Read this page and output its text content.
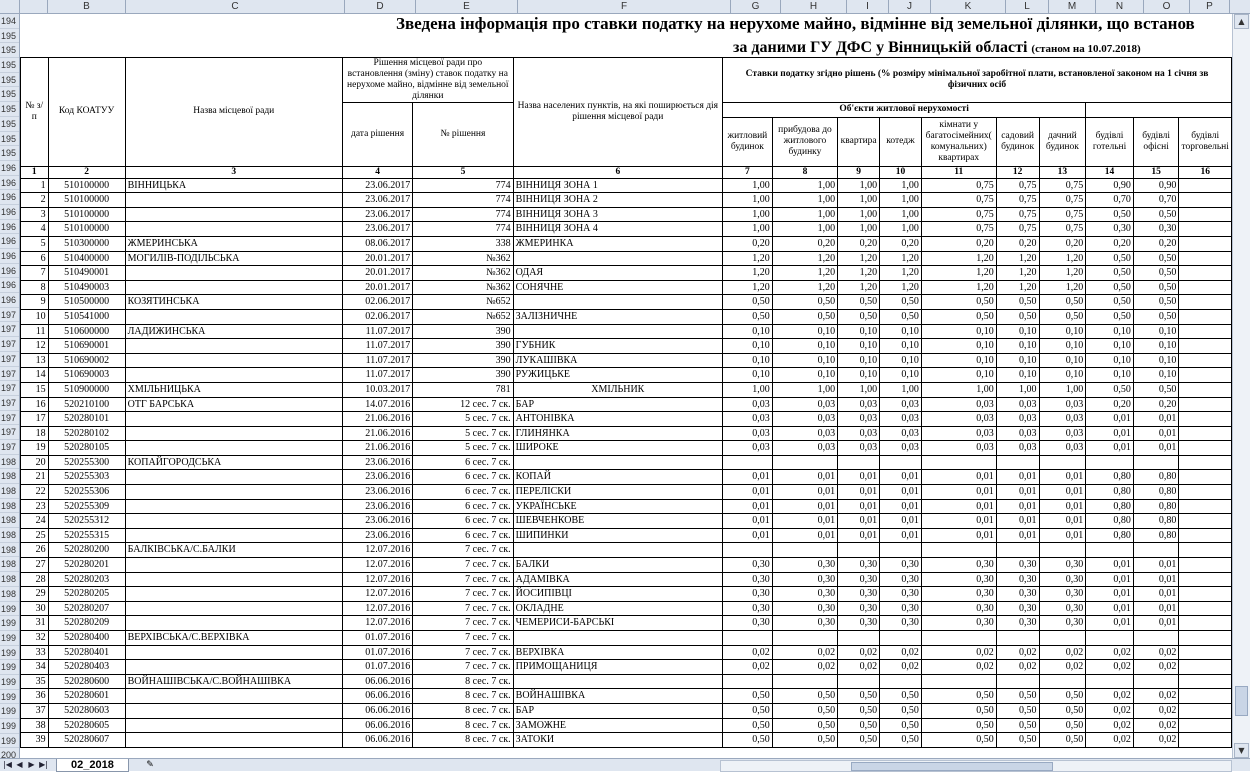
B	C	D	E	F	G	H	I	J	K	L	M	N	O	P
194
195
195
195
195
195
195
195
195
195
196
196
196
196
196
196
196
196
196
196
197
197
197
197
197
197
197
197
197
197
198
198
198
198
198
198
198
198
198
198
199
199
199
199
199
199
199
199
199
199
200
Зведена інформація про ставки податку на нерухоме майно, відмінне від земельної ділянки, що встанов
за даними ГУ ДФС у Вінницькій області (станом на 10.07.2018)
№ з/п	Код КОАТУУ	Назва місцевої ради	Рішення місцевої ради про встановлення (зміну) ставок податку на нерухоме майно, відмінне від земельної ділянки		Назва населених пунктів, на які поширюється дія рішення місцевої ради	Ставки податку згідно рішень (% розміру мінімальної заробітної плати, встановленої законом на 1 січня зв
фізичних осіб									
			дата рішення	№ рішення		Об'єкти житлової нерухомості									
						житловий будинок	прибудова до житлового будинку	квартира	котедж	кімнати у багатосімейних( комунальних) квартирах	садовий будинок	дачний будинок	будівлі готельні	будівлі офісні	будівлі торговельні

1	2	3	4	5	6	7	8	9	10	11	12	13	14	15	16
1	510100000	ВІННИЦЬКА	23.06.2017	774	ВІННИЦЯ ЗОНА 1	1,00	1,00	1,00	1,00	0,75	0,75	0,75	0,90	0,90	
2	510100000		23.06.2017	774	ВІННИЦЯ ЗОНА 2	1,00	1,00	1,00	1,00	0,75	0,75	0,75	0,70	0,70	
3	510100000		23.06.2017	774	ВІННИЦЯ ЗОНА 3	1,00	1,00	1,00	1,00	0,75	0,75	0,75	0,50	0,50	
4	510100000		23.06.2017	774	ВІННИЦЯ ЗОНА 4	1,00	1,00	1,00	1,00	0,75	0,75	0,75	0,30	0,30	
5	510300000	ЖМЕРИНСЬКА	08.06.2017	338	ЖМЕРИНКА	0,20	0,20	0,20	0,20	0,20	0,20	0,20	0,20	0,20	
6	510400000	МОГИЛІВ-ПОДІЛЬСЬКА	20.01.2017	№362		1,20	1,20	1,20	1,20	1,20	1,20	1,20	0,50	0,50	
7	510490001		20.01.2017	№362	ОДАЯ	1,20	1,20	1,20	1,20	1,20	1,20	1,20	0,50	0,50	
8	510490003		20.01.2017	№362	СОНЯЧНЕ	1,20	1,20	1,20	1,20	1,20	1,20	1,20	0,50	0,50	
9	510500000	КОЗЯТИНСЬКА	02.06.2017	№652		0,50	0,50	0,50	0,50	0,50	0,50	0,50	0,50	0,50	
10	510541000		02.06.2017	№652	ЗАЛІЗНИЧНЕ	0,50	0,50	0,50	0,50	0,50	0,50	0,50	0,50	0,50	
11	510600000	ЛАДИЖИНСЬКА	11.07.2017	390		0,10	0,10	0,10	0,10	0,10	0,10	0,10	0,10	0,10	
12	510690001		11.07.2017	390	ГУБНИК	0,10	0,10	0,10	0,10	0,10	0,10	0,10	0,10	0,10	
13	510690002		11.07.2017	390	ЛУКАШІВКА	0,10	0,10	0,10	0,10	0,10	0,10	0,10	0,10	0,10	
14	510690003		11.07.2017	390	РУЖИЦЬКЕ	0,10	0,10	0,10	0,10	0,10	0,10	0,10	0,10	0,10	
15	510900000	ХМІЛЬНИЦЬКА	10.03.2017	781	ХМІЛЬНИК	1,00	1,00	1,00	1,00	1,00	1,00	1,00	0,50	0,50	
16	520210100	ОТГ БАРСЬКА	14.07.2016	12 сес. 7 ск.	БАР	0,03	0,03	0,03	0,03	0,03	0,03	0,03	0,20	0,20	
17	520280101		21.06.2016	5 сес. 7 ск.	АНТОНІВКА	0,03	0,03	0,03	0,03	0,03	0,03	0,03	0,01	0,01	
18	520280102		21.06.2016	5 сес. 7 ск.	ГЛИНЯНКА	0,03	0,03	0,03	0,03	0,03	0,03	0,03	0,01	0,01	
19	520280105		21.06.2016	5 сес. 7 ск.	ШИРОКЕ	0,03	0,03	0,03	0,03	0,03	0,03	0,03	0,01	0,01	
20	520255300	КОПАЙГОРОДСЬКА	23.06.2016	6 сес. 7 ск.											
21	520255303		23.06.2016	6 сес. 7 ск.	КОПАЙ	0,01	0,01	0,01	0,01	0,01	0,01	0,01	0,80	0,80	
22	520255306		23.06.2016	6 сес. 7 ск.	ПЕРЕЛІСКИ	0,01	0,01	0,01	0,01	0,01	0,01	0,01	0,80	0,80	
23	520255309		23.06.2016	6 сес. 7 ск.	УКРАЇНСЬКЕ	0,01	0,01	0,01	0,01	0,01	0,01	0,01	0,80	0,80	
24	520255312		23.06.2016	6 сес. 7 ск.	ШЕВЧЕНКОВЕ	0,01	0,01	0,01	0,01	0,01	0,01	0,01	0,80	0,80	
25	520255315		23.06.2016	6 сес. 7 ск.	ШИПИНКИ	0,01	0,01	0,01	0,01	0,01	0,01	0,01	0,80	0,80	
26	520280200	БАЛКІВСЬКА/С.БАЛКИ	12.07.2016	7 сес. 7 ск.											
27	520280201		12.07.2016	7 сес. 7 ск.	БАЛКИ	0,30	0,30	0,30	0,30	0,30	0,30	0,30	0,01	0,01	
28	520280203		12.07.2016	7 сес. 7 ск.	АДАМІВКА	0,30	0,30	0,30	0,30	0,30	0,30	0,30	0,01	0,01	
29	520280205		12.07.2016	7 сес. 7 ск.	ЙОСИПІВЦІ	0,30	0,30	0,30	0,30	0,30	0,30	0,30	0,01	0,01	
30	520280207		12.07.2016	7 сес. 7 ск.	ОКЛАДНЕ	0,30	0,30	0,30	0,30	0,30	0,30	0,30	0,01	0,01	
31	520280209		12.07.2016	7 сес. 7 ск.	ЧЕМЕРИСИ-БАРСЬКІ	0,30	0,30	0,30	0,30	0,30	0,30	0,30	0,01	0,01	
32	520280400	ВЕРХІВСЬКА/С.ВЕРХІВКА	01.07.2016	7 сес. 7 ск.											
33	520280401		01.07.2016	7 сес. 7 ск.	ВЕРХІВКА	0,02	0,02	0,02	0,02	0,02	0,02	0,02	0,02	0,02	
34	520280403		01.07.2016	7 сес. 7 ск.	ПРИМОЩАНИЦЯ	0,02	0,02	0,02	0,02	0,02	0,02	0,02	0,02	0,02	
35	520280600	ВОЙНАШІВСЬКА/С.ВОЙНАШІВКА	06.06.2016	8 сес. 7 ск.											
36	520280601		06.06.2016	8 сес. 7 ск.	ВОЙНАШІВКА	0,50	0,50	0,50	0,50	0,50	0,50	0,50	0,02	0,02	
37	520280603		06.06.2016	8 сес. 7 ск.	БАР	0,50	0,50	0,50	0,50	0,50	0,50	0,50	0,02	0,02	
38	520280605		06.06.2016	8 сес. 7 ск.	ЗАМОЖНЕ	0,50	0,50	0,50	0,50	0,50	0,50	0,50	0,02	0,02	
39	520280607		06.06.2016	8 сес. 7 ск.	ЗАТОКИ	0,50	0,50	0,50	0,50	0,50	0,50	0,50	0,02	0,02	
▲
▼
|◀ ◀ ▶ ▶|	02_2018	✎
